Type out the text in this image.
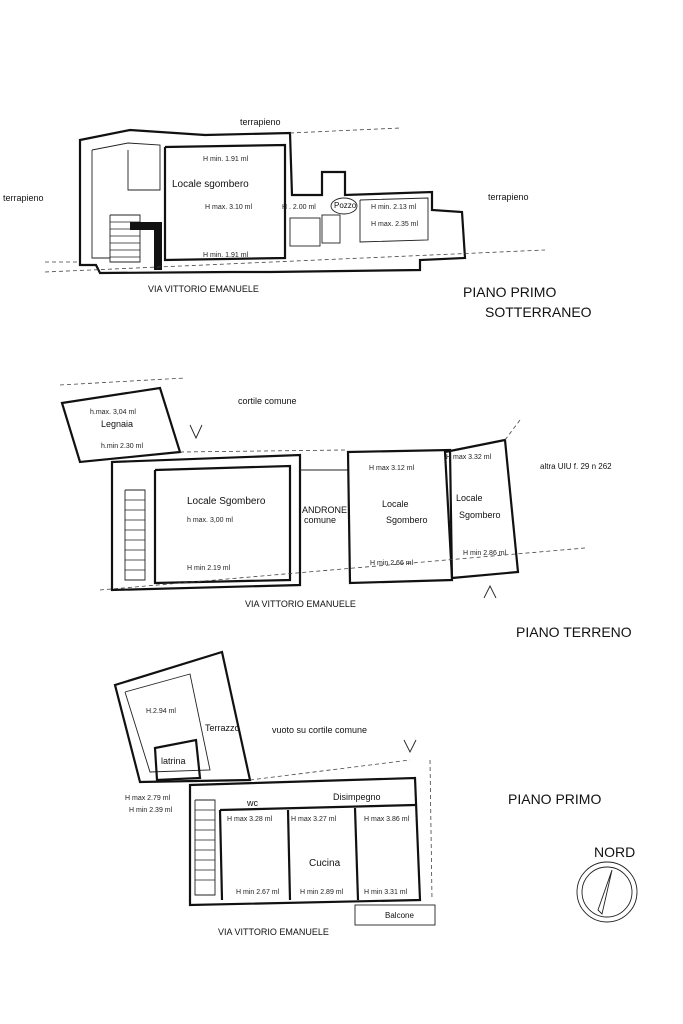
terrapieno
terrapieno	terrapieno
H min. 1.91 ml
Locale sgombero
H max. 3.10 ml	H . 2.00 ml Pozzo H min. 2.13 ml
H max. 2.35 ml
H min. 1.91 ml
VIA VITTORIO EMANUELE	PIANO PRIMO
SOTTERRANEO
cortile comune
h.max. 3,04 ml
Legnaia
h.min 2.30 ml
H max 3.32 ml
H max 3.12 ml	altra UIU f. 29 n 262
Locale
Sgombero
Locale Sgombero
ANDRONE
comune
Locale
Sgombero
h max. 3,00 ml
H min 2.86 ml
H min 2.66 ml
H min 2.19 ml
VIA VITTORIO EMANUELE
PIANO TERRENO
H.2.94 ml
Terrazzo	vuoto su cortile comune
latrina
H max 2.79 ml	wc
Disimpegno
H min 2.39 ml
H max 3.28 ml	H max 3.27 ml	H max 3.86 ml
Cucina
H min 2.67 ml	H min 2.89 ml	H min 3.31 ml
Balcone
VIA VITTORIO EMANUELE
PIANO PRIMO
NORD
